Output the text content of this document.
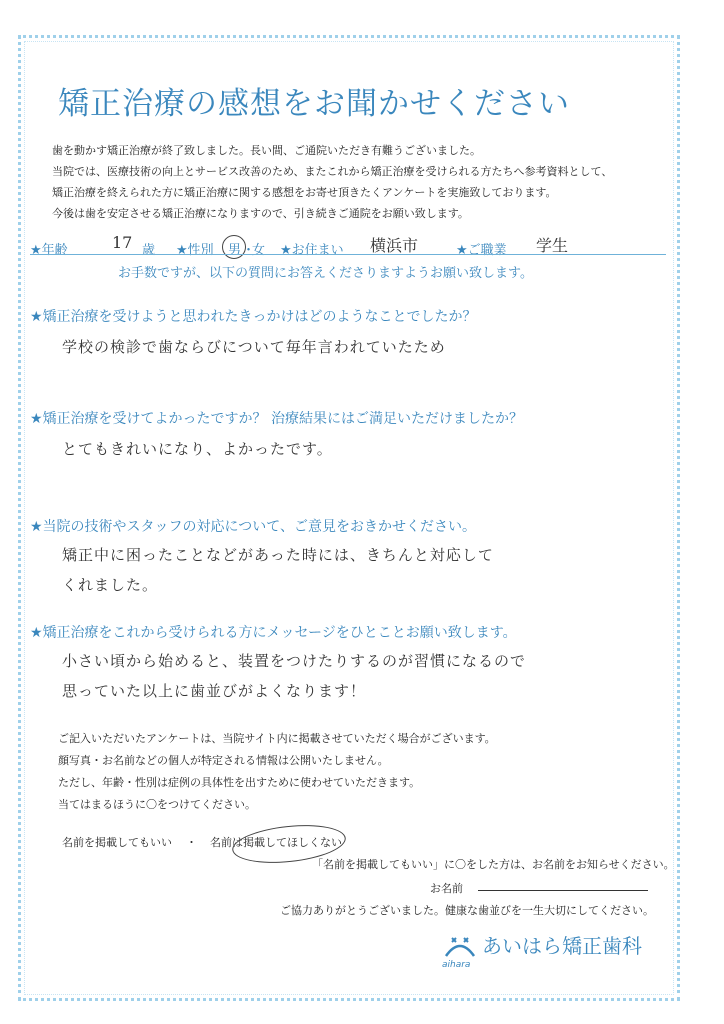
矯正治療の感想をお聞かせください
歯を動かす矯正治療が終了致しました。長い間、ご通院いただき有難うございました。
当院では、医療技術の向上とサービス改善のため、またこれから矯正治療を受けられる方たちへ参考資料として、
矯正治療を終えられた方に矯正治療に関する感想をお寄せ頂きたくアンケートを実施致しております。
今後は歯を安定させる矯正治療になりますので、引き続きご通院をお願い致します。
★年齢	17 歳 ★性別 男 ・
女 ★お住まい 横浜市	★ご職業 学生
お手数ですが、以下の質問にお答えくださりますようお願い致します。
★矯正治療を受けようと思われたきっかけはどのようなことでしたか？
学校の検診で歯ならびについて毎年言われていたため
★矯正治療を受けてよかったですか？ 治療結果にはご満足いただけましたか？
とてもきれいになり、よかったです。
★当院の技術やスタッフの対応について、ご意見をおきかせください。
矯正中に困ったことなどがあった時には、きちんと対応して
くれました。
★矯正治療をこれから受けられる方にメッセージをひとことお願い致します。
小さい頃から始めると、装置をつけたりするのが習慣になるので
思っていた以上に歯並びがよくなります！
ご記入いただいたアンケートは、当院サイト内に掲載させていただく場合がございます。
顔写真・お名前などの個人が特定される情報は公開いたしません。
ただし、年齢・性別は症例の具体性を出すために使わせていただきます。
当てはまるほうに〇をつけてください。
名前を掲載してもいい ・ 名前は掲載してほしくない
「名前を掲載してもいい」に〇をした方は、お名前をお知らせください。
お名前
ご協力ありがとうございました。健康な歯並びを一生大切にしてください。
あいはら矯正歯科
aihara
